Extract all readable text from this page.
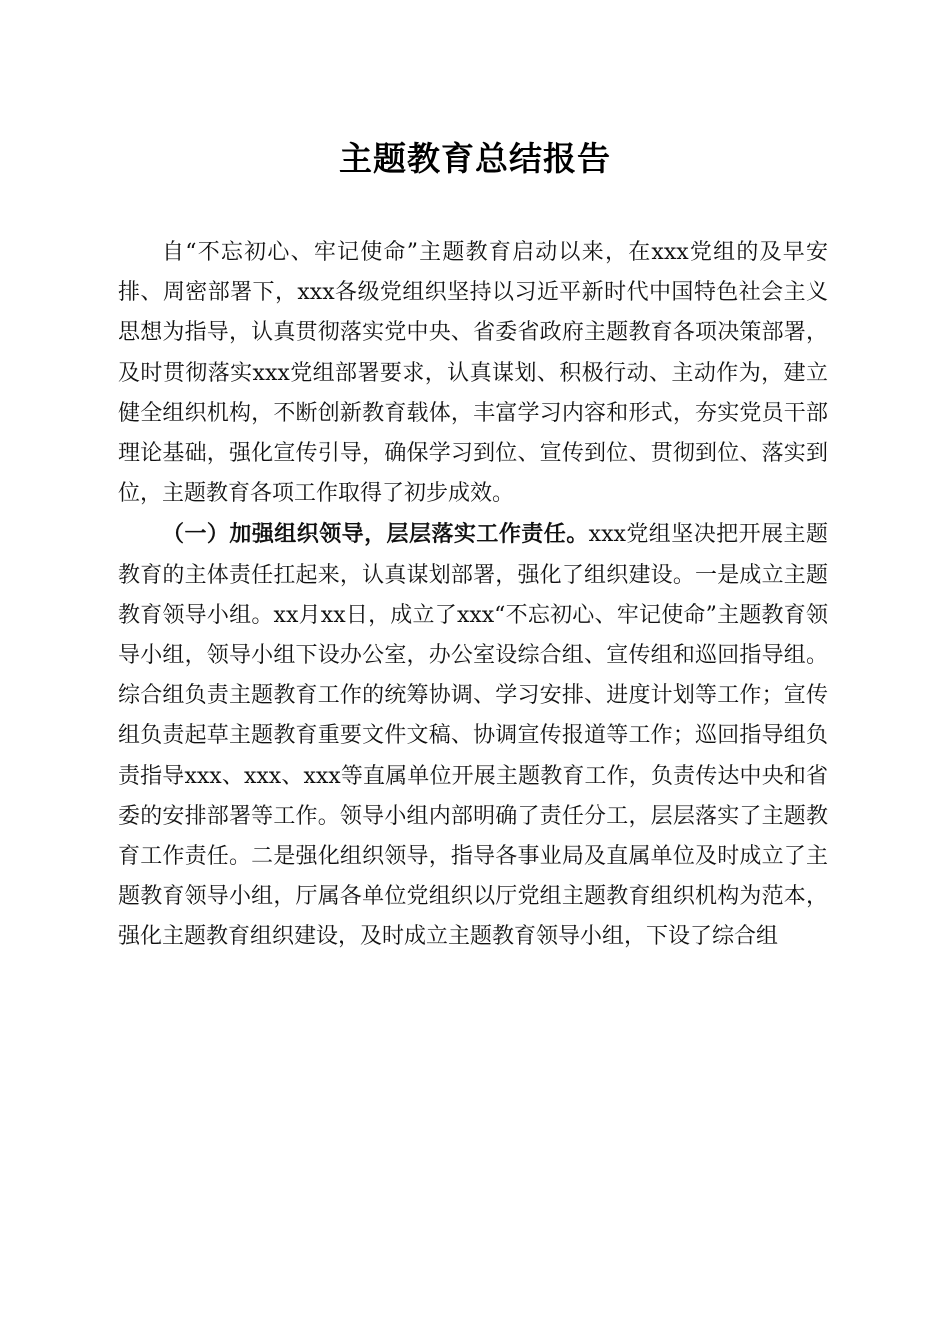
主题教育总结报告

自“不忘初心、牢记使命”主题教育启动以来，在xxx党组的及早安排、周密部署下，xxx各级党组织坚持以习近平新时代中国特色社会主义思想为指导，认真贯彻落实党中央、省委省政府主题教育各项决策部署，及时贯彻落实xxx党组部署要求，认真谋划、积极行动、主动作为，建立健全组织机构，不断创新教育载体，丰富学习内容和形式，夯实党员干部理论基础，强化宣传引导，确保学习到位、宣传到位、贯彻到位、落实到位，主题教育各项工作取得了初步成效。

（一）加强组织领导，层层落实工作责任。xxx党组坚决把开展主题教育的主体责任扛起来，认真谋划部署，强化了组织建设。一是成立主题教育领导小组。xx月xx日，成立了xxx“不忘初心、牢记使命”主题教育领导小组，领导小组下设办公室，办公室设综合组、宣传组和巡回指导组。综合组负责主题教育工作的统筹协调、学习安排、进度计划等工作；宣传组负责起草主题教育重要文件文稿、协调宣传报道等工作；巡回指导组负责指导xxx、xxx、xxx等直属单位开展主题教育工作，负责传达中央和省委的安排部署等工作。领导小组内部明确了责任分工，层层落实了主题教育工作责任。二是强化组织领导，指导各事业局及直属单位及时成立了主题教育领导小组，厅属各单位党组织以厅党组主题教育组织机构为范本，强化主题教育组织建设，及时成立主题教育领导小组，下设了综合组
